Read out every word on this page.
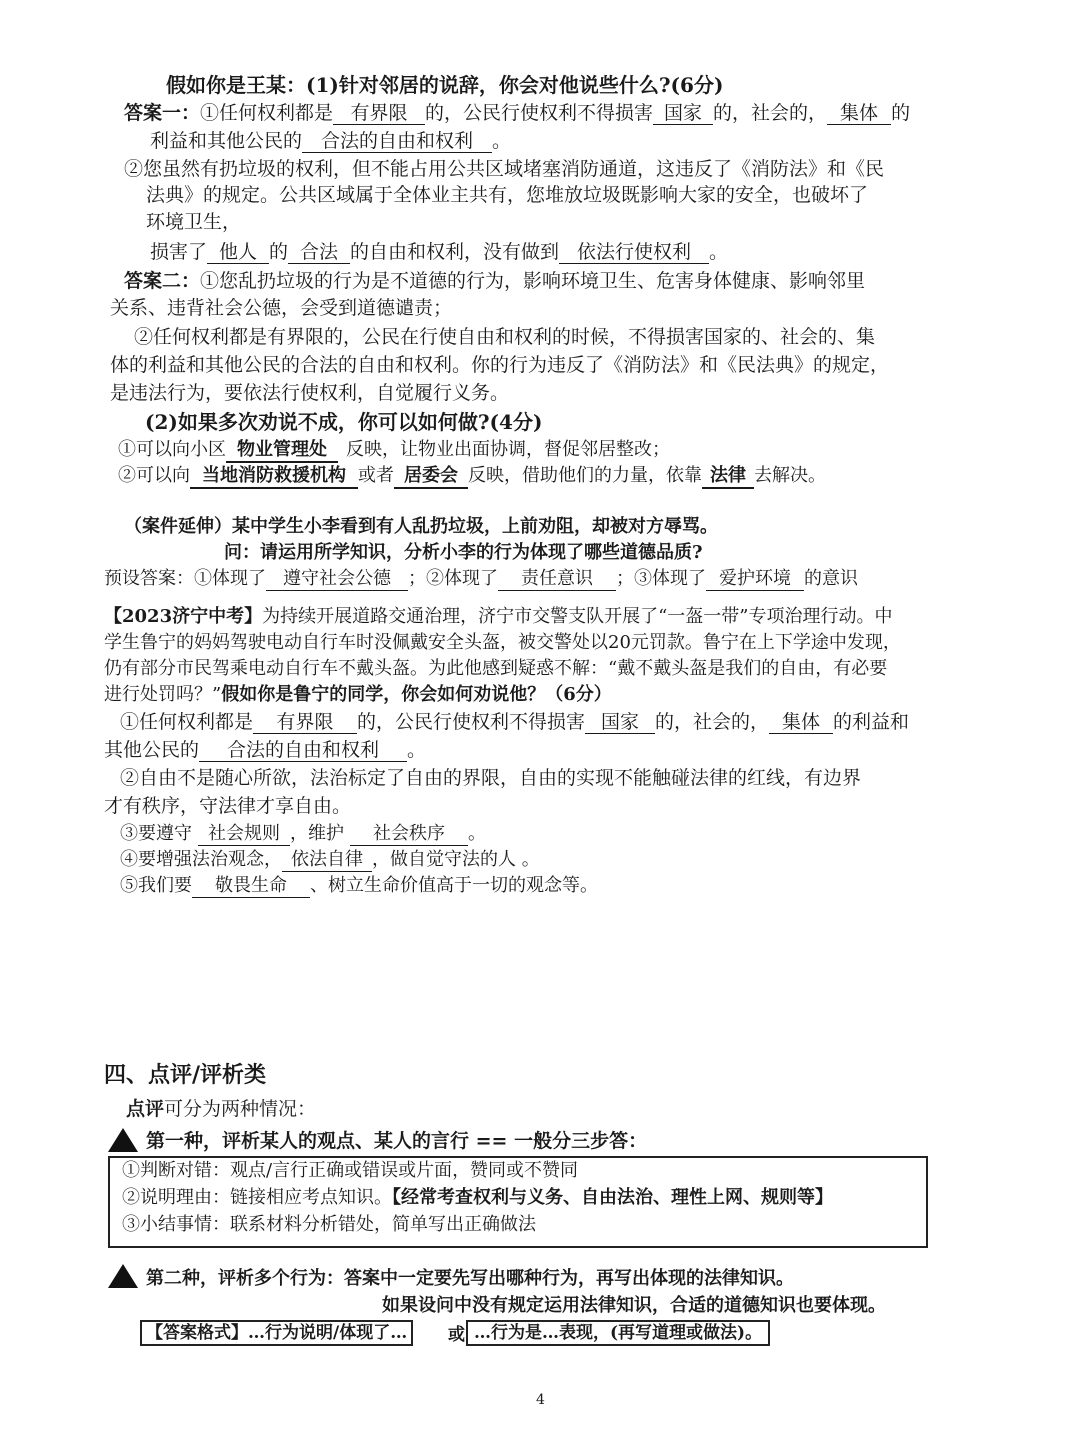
假如你是王某：(1)针对邻居的说辞，你会对他说些什么?(6分)
答案一：①任何权利都是 有界限 的，公民行使权利不得损害 国家 的，社会的， 集体 的
利益和其他公民的 合法的自由和权利 。
②您虽然有扔垃圾的权利，但不能占用公共区域堵塞消防通道，这违反了《消防法》和《民
法典》的规定。公共区域属于全体业主共有，您堆放垃圾既影响大家的安全，也破坏了
环境卫生，
损害了 他人 的 合法 的自由和权利，没有做到 依法行使权利 。
答案二：①您乱扔垃圾的行为是不道德的行为，影响环境卫生、危害身体健康、影响邻里
关系、违背社会公德，会受到道德谴责；
②任何权利都是有界限的，公民在行使自由和权利的时候，不得损害国家的、社会的、集
体的利益和其他公民的合法的自由和权利。你的行为违反了《消防法》和《民法典》的规定，
是违法行为，要依法行使权利，自觉履行义务。
(2)如果多次劝说不成，你可以如何做?(4分)
①可以向小区 物业管理处 反映，让物业出面协调，督促邻居整改；
②可以向 当地消防救援机构 或者 居委会 反映，借助他们的力量，依靠 法律 去解决。
（案件延伸）某中学生小李看到有人乱扔垃圾，上前劝阻，却被对方辱骂。
问：请运用所学知识，分析小李的行为体现了哪些道德品质?
预设答案：①体现了 遵守社会公德 ；②体现了 责任意识 ；③体现了 爱护环境 的意识
【2023济宁中考】为持续开展道路交通治理，济宁市交警支队开展了“一盔一带”专项治理行动。中
学生鲁宁的妈妈驾驶电动自行车时没佩戴安全头盔，被交警处以20元罚款。鲁宁在上下学途中发现，
仍有部分市民驾乘电动自行车不戴头盔。为此他感到疑惑不解：“戴不戴头盔是我们的自由，有必要
进行处罚吗？”假如你是鲁宁的同学，你会如何劝说他？（6分）
①任何权利都是 有界限 的，公民行使权利不得损害 国家 的，社会的， 集体 的利益和
其他公民的 合法的自由和权利 。
②自由不是随心所欲，法治标定了自由的界限，自由的实现不能触碰法律的红线，有边界
才有秩序，守法律才享自由。
③要遵守 社会规则 ，维护 社会秩序 。
④要增强法治观念， 依法自律 ，做自觉守法的人 。
⑤我们要 敬畏生命 、树立生命价值高于一切的观念等。
四、点评/评析类
点评可分为两种情况：
第一种，评析某人的观点、某人的言行 == 一般分三步答：
①判断对错：观点/言行正确或错误或片面，赞同或不赞同
②说明理由：链接相应考点知识。【经常考查权利与义务、自由法治、理性上网、规则等】
③小结事情：联系材料分析错处，简单写出正确做法
第二种，评析多个行为：答案中一定要先写出哪种行为，再写出体现的法律知识。
如果设问中没有规定运用法律知识，合适的道德知识也要体现。
【答案格式】…行为说明/体现了…	或 …行为是…表现，(再写道理或做法)。
4
